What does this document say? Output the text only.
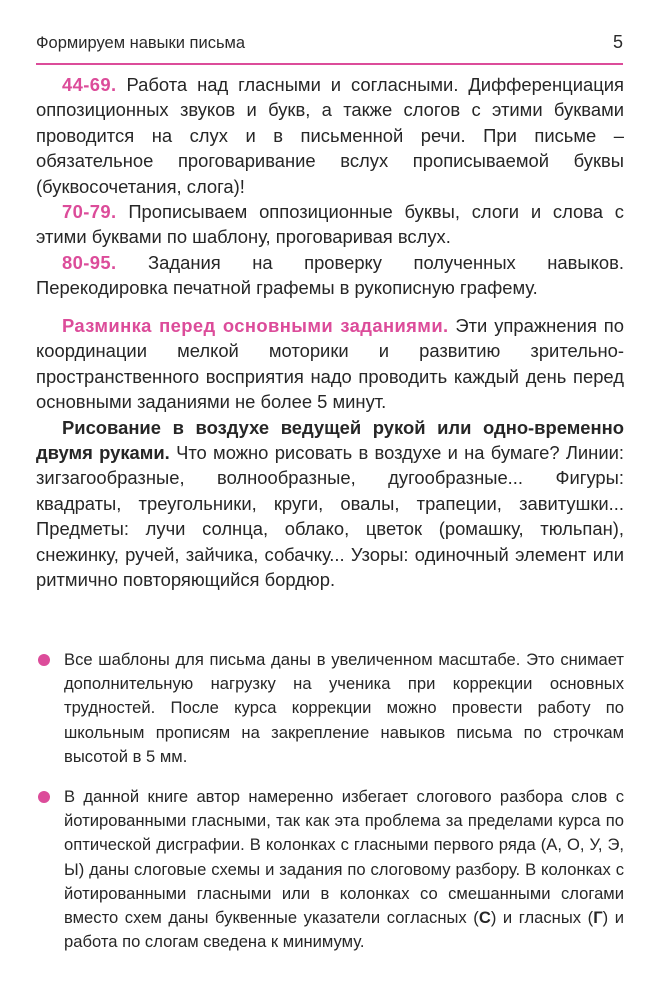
Формируем навыки письма	5

44-69. Работа над гласными и согласными. Дифференциация оппозиционных звуков и букв, а также слогов с этими буквами проводится на слух и в письменной речи. При письме – обязательное проговаривание вслух прописываемой буквы (буквосочетания, слога)!

70-79. Прописываем оппозиционные буквы, слоги и слова с этими буквами по шаблону, проговаривая вслух.

80-95. Задания на проверку полученных навыков. Перекодировка печатной графемы в рукописную графему.

Разминка перед основными заданиями. Эти упражнения по координации мелкой моторики и развитию зрительно-пространственного восприятия надо проводить каждый день перед основными заданиями не более 5 минут.

Рисование в воздухе ведущей рукой или одно-временно двумя руками. Что можно рисовать в воздухе и на бумаге? Линии: зигзагообразные, волнообразные, дугообразные... Фигуры: квадраты, треугольники, круги, овалы, трапеции, завитушки... Предметы: лучи солнца, облако, цветок (ромашку, тюльпан), снежинку, ручей, зайчика, собачку... Узоры: одиночный элемент или ритмично повторяющийся бордюр.

Все шаблоны для письма даны в увеличенном масштабе. Это снимает дополнительную нагрузку на ученика при коррекции основных трудностей. После курса коррекции можно провести работу по школьным прописям на закрепление навыков письма по строчкам высотой в 5 мм.

В данной книге автор намеренно избегает слогового разбора слов с йотированными гласными, так как эта проблема за пределами курса по оптической дисграфии. В колонках с гласными первого ряда (А, О, У, Э, Ы) даны слоговые схемы и задания по слоговому разбору. В колонках с йотированными гласными или в колонках со смешанными слогами вместо схем даны буквенные указатели согласных (С) и гласных (Г) и работа по слогам сведена к минимуму.
